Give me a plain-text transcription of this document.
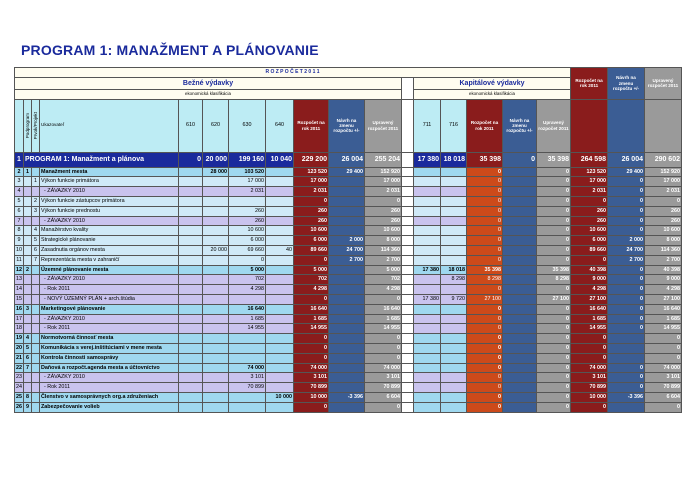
PROGRAM 1: MANAŽMENT A PLÁNOVANIE
R O Z P O Č E T 2 0 1 1																	Rozpočet na rok 2011	Návrh na zmenu rozpočtu +/-	Upravený rozpočet 2011
Bežné výdavky												Kapitálové výdavky							
ekonomická klasifikácia												ekonomická klasifikácia							

	Podprogram	Prvok/Projekt	Ukazovateľ	610	620	630	640	Rozpočet na rok 2011	Návrh na zmenu rozpočtu +/-	Upravený rozpočet 2011		711	716	Rozpočet na rok 2011	Návrh na zmenu rozpočtu +/-	Upravený rozpočet 2011			
1	PROGRAM 1: Manažment a plánova			0	20 000	199 160	10 040	229 200	26 004	255 204		17 380	18 018	35 398	0	35 398	264 598	26 004	290 602
2	1		Manažment mesta		28 000	103 520		123 520	29 400	152 920				0		0	123 520	29 400	152 920
3		1	Výkon funkcie primátora			17 000		17 000		17 000				0		0	17 000	0	17 000
4			- ZÁVAZKY 2010			2 031		2 031		2 031				0		0	2 031	0	2 031
5		2	Výkon funkcie zástupcov primátora					0		0				0		0	0	0	0
6		3	Výkon funkcie prednostu			260		260		260				0		0	260	0	260
7			- ZÁVAZKY 2010			260		260		260				0		0	260	0	260
8		4	Manažérstvo kvality			10 600		10 600		10 600				0		0	10 600	0	10 600
9		5	Strategické plánovanie			6 000		6 000	2 000	8 000				0		0	6 000	2 000	8 000
10		6	Zasadnutia orgánov mesta		20 000	69 660	40	89 660	24 700	114 360				0		0	89 660	24 700	114 360
11		7	Reprezentácia mesta v zahraničí			0		0	2 700	2 700				0		0	0	2 700	2 700
12	2		Územné plánovanie mesta			5 000		5 000		5 000		17 380	18 018	35 398		35 398	40 398	0	40 398
13			- ZÁVAZKY 2010			702		702		702			8 298	8 298		8 298	9 000	0	9 000
14			- Rok 2011			4 298		4 298		4 298				0		0	4 298	0	4 298
15			- NOVÝ ÚZEMNÝ PLÁN + arch.štúdia					0		0		17 380	9 720	27 100		27 100	27 100	0	27 100
16	3		Marketingové plánovanie			16 640		16 640		16 640				0		0	16 640	0	16 640
17			- ZÁVAZKY 2010			1 685		1 685		1 685				0		0	1 685	0	1 685
18			- Rok 2011			14 955		14 955		14 955				0		0	14 955	0	14 955
19	4		Normotvorná činnosť mesta					0		0				0		0	0		0
20	5		Komunikácia s verej.inštitúciami v mene mesta					0		0				0		0	0		0
21	6		Kontrola činnosti samosprávy					0		0				0		0	0		0
22	7		Daňová a rozpočt.agenda mesta a účtovníctvo			74 000		74 000		74 000				0		0	74 000	0	74 000
23			- ZÁVAZKY 2010			3 101		3 101		3 101				0		0	3 101	0	3 101
24			- Rok 2011			70 899		70 899		70 899				0		0	70 899	0	70 899
25	8		Členstvo v samosprávnych org.a združeniach				10 000	10 000	-3 396	6 604				0		0	10 000	-3 396	6 604
26	9		Zabezpečovanie volieb					0		0				0		0	0		0
